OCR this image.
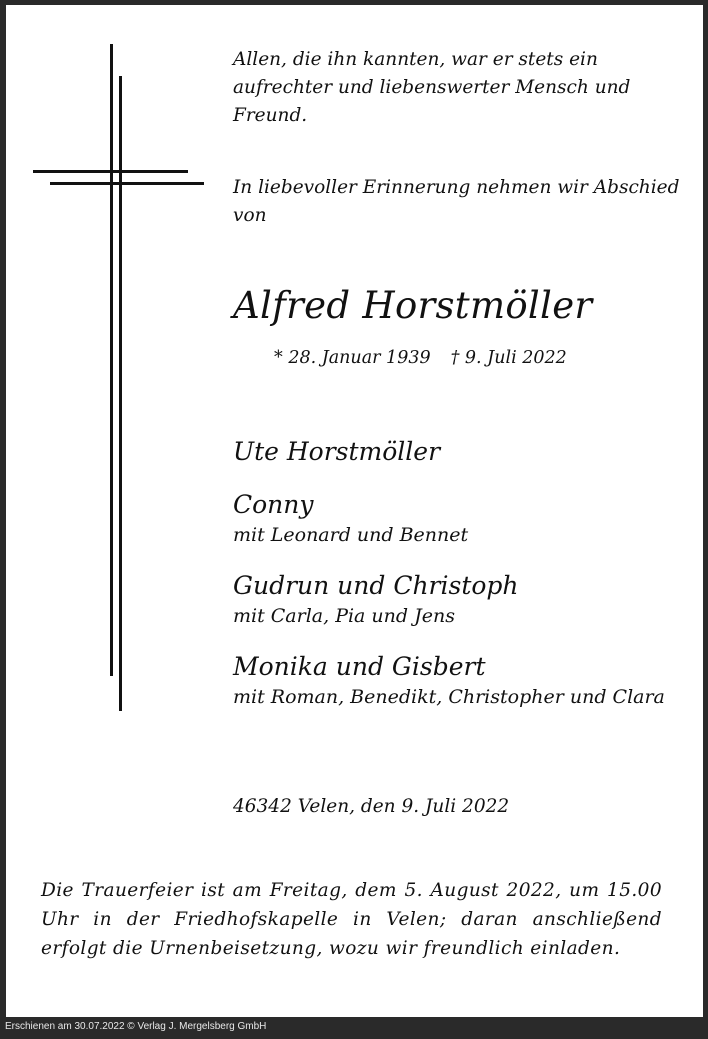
Allen, die ihn kannten, war er stets ein aufrechter und liebenswerter Mensch und Freund.
In liebevoller Erinnerung nehmen wir Abschied von
Alfred Horstmöller
* 28. Januar 1939 † 9. Juli 2022
Ute Horstmöller
Conny
mit Leonard und Bennet
Gudrun und Christoph
mit Carla, Pia und Jens
Monika und Gisbert
mit Roman, Benedikt, Christopher und Clara
46342 Velen, den 9. Juli 2022
Die Trauerfeier ist am Freitag, dem 5. August 2022, um 15.00 Uhr in der Friedhofskapelle in Velen; daran anschließend erfolgt die Urnenbeisetzung, wozu wir freundlich einladen.
Erschienen am 30.07.2022 © Verlag J. Mergelsberg GmbH
